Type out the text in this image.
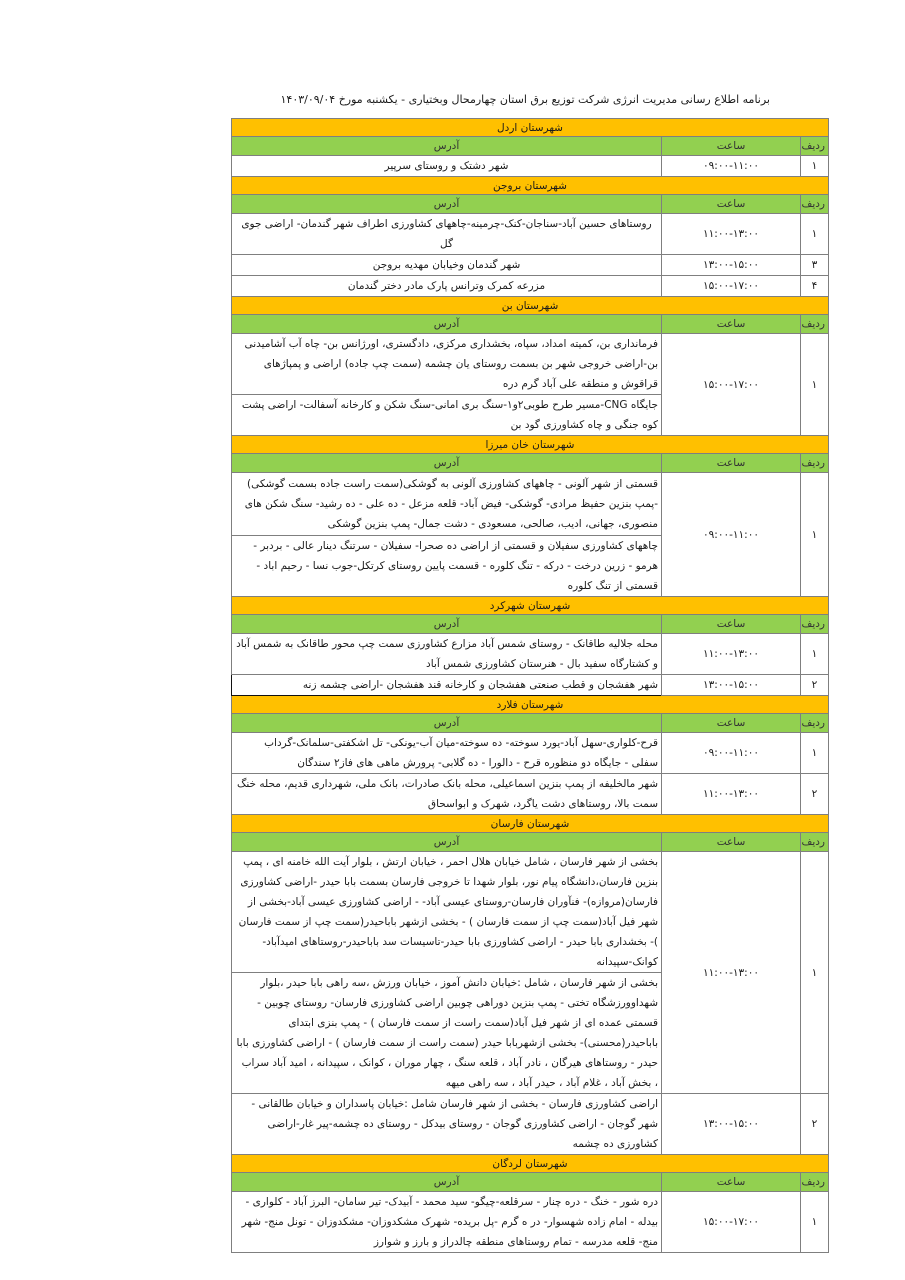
برنامه اطلاع رسانی مدیریت انرژی شرکت توزیع برق استان چهارمحال وبختیاری - یکشنبه مورخ ۱۴۰۳/۰۹/۰۴
شهرستان اردل		
رديف	ساعت	آدرس
۱	۰۹:۰۰-۱۱:۰۰	شهر دشتک و روستای سرپیر
شهرستان بروجن		
رديف	ساعت	آدرس
۱	۱۱:۰۰-۱۳:۰۰	روستاهای حسین آباد-سناجان-کنک-چرمینه-چاههای کشاورزی اطراف شهر گندمان- اراضی جوی گل
۳	۱۳:۰۰-۱۵:۰۰	شهر گندمان وخیابان مهدیه بروجن
۴	۱۵:۰۰-۱۷:۰۰	مزرعه کمرک وترانس پارک مادر دختر گندمان
شهرستان بن		
رديف	ساعت	آدرس
۱	۱۵:۰۰-۱۷:۰۰	فرمانداری بن، کمیته امداد، سپاه، بخشداری مرکزی، دادگستری، اورژانس بن- چاه آب آشامیدنی بن-اراضی خروجی شهر بن بسمت روستای یان چشمه (سمت چپ جاده) اراضی و پمپاژهای قراقوش و منطقه علی آباد گرم دره
		جایگاه CNG-مسیر طرح طوبی۲و۱-سنگ بری امانی-سنگ شکن و کارخانه آسفالت- اراضی پشت کوه جنگی و چاه کشاورزی گود بن
شهرستان خان میرزا		
رديف	ساعت	آدرس
۱	۰۹:۰۰-۱۱:۰۰	قسمتی از شهر آلونی - چاههای کشاورزی آلونی به گوشکی(سمت راست جاده بسمت گوشکی) -پمپ بنزین حفیظ مرادی- گوشکی- فیض آباد- قلعه مزعل - ده علی - ده رشید- سنگ شکن های منصوری، جهانی، ادیب، صالحی، مسعودی - دشت جمال- پمپ بنزین گوشکی
		چاههای کشاورزی سفیلان و قسمتی از اراضی ده صحرا- سفیلان - سرتنگ دینار عالی - بردبر - هرمو - زرین درخت - درکه - تنگ کلوره - قسمت پایین روستای کرتکل-جوب نسا - رحیم اباد - قسمتی از تنگ کلوره
شهرستان شهرکرد		
رديف	ساعت	آدرس
۱	۱۱:۰۰-۱۳:۰۰	محله جلالیه طاقانک - روستای شمس آباد مزارع کشاورزی سمت چپ محور طاقانک به شمس آباد و کشتارگاه سفید بال - هنرستان کشاورزی شمس آباد
۲	۱۳:۰۰-۱۵:۰۰	شهر هفشجان و قطب صنعتی هفشجان و کارخانه قند هفشجان -اراضی چشمه زنه
شهرستان فلارد		
رديف	ساعت	آدرس
۱	۰۹:۰۰-۱۱:۰۰	قرح-کلواری-سهل آباد-یورد سوخته- ده سوخته-میان آب-یونکی- تل اشکفتی-سلمانک-گرداب سفلی - جایگاه دو منظوره قرح - دالورا - ده گلابی- پرورش ماهی های فاز۲ سندگان
۲	۱۱:۰۰-۱۳:۰۰	شهر مالخلیفه از پمپ بنزین اسماعیلی، محله بانک صادرات، بانک ملی، شهرداری قدیم، محله خنگ سمت بالا، روستاهای دشت یاگرد، شهرک و ابواسحاق
شهرستان فارسان		
رديف	ساعت	آدرس
۱	۱۱:۰۰-۱۳:۰۰	بخشی از شهر فارسان ، شامل خیابان هلال احمر ، خیابان ارتش ، بلوار آیت الله خامنه ای ، پمپ بنزین فارسان،دانشگاه پیام نور، بلوار شهدا تا خروجی فارسان بسمت بابا حیدر -اراضی کشاورزی فارسان(مروازه)- فنآوران فارسان-روستای عیسی آباد- - اراضی کشاورزی عیسی آباد-بخشی از شهر فیل آباد(سمت چپ از سمت فارسان ) - بخشی ازشهر باباحیدر(سمت چپ از سمت فارسان )- بخشداری بابا حیدر - اراضی کشاورزی بابا حیدر-تاسیسات سد باباحیدر-روستاهای امیدآباد- کوانک-سپیدانه
		بخشی از شهر فارسان ، شامل :خیابان دانش آموز ، خیابان ورزش ،سه راهی بابا حیدر ،بلوار شهداوورزشگاه تختی - پمپ بنزین دوراهی چوبین اراضی کشاورزی فارسان- روستای چوبین - قسمتی عمده ای از شهر فیل آباد(سمت راست از سمت فارسان ) - پمپ بنزی ابتدای باباحیدر(محسنی)- بخشی ازشهربابا حیدر (سمت راست از سمت فارسان ) - اراضی کشاورزی بابا حیدر - روستاهای هیرگان ، نادر آباد ، قلعه سنگ ، چهار موران ، کوانک ، سپیدانه ، امید آباد سراب ، بخش آباد ، غلام آباد ، حیدر آباد ، سه راهی میهه
۲	۱۳:۰۰-۱۵:۰۰	اراضی کشاورزی فارسان - بخشی از شهر فارسان شامل :خیابان پاسداران و خیابان طالقانی - شهر گوجان - اراضی کشاورزی گوجان - روستای بیدکل - روستای ده چشمه-پیر غار-اراضی کشاورزی ده چشمه
شهرستان لردگان		
رديف	ساعت	آدرس
۱	۱۵:۰۰-۱۷:۰۰	دره شور - خنگ - دره چنار - سرقلعه-چیگو- سید محمد - آبیدک- تیر سامان- البرز آباد - کلواری - بیدله - امام زاده شهسوار- در ه گرم -پل بریده- شهرک مشکدوزان- مشکدوزان - تونل منج- شهر منج- قلعه مدرسه - تمام روستاهای منطقه چالدراز و بارز و شوارز
